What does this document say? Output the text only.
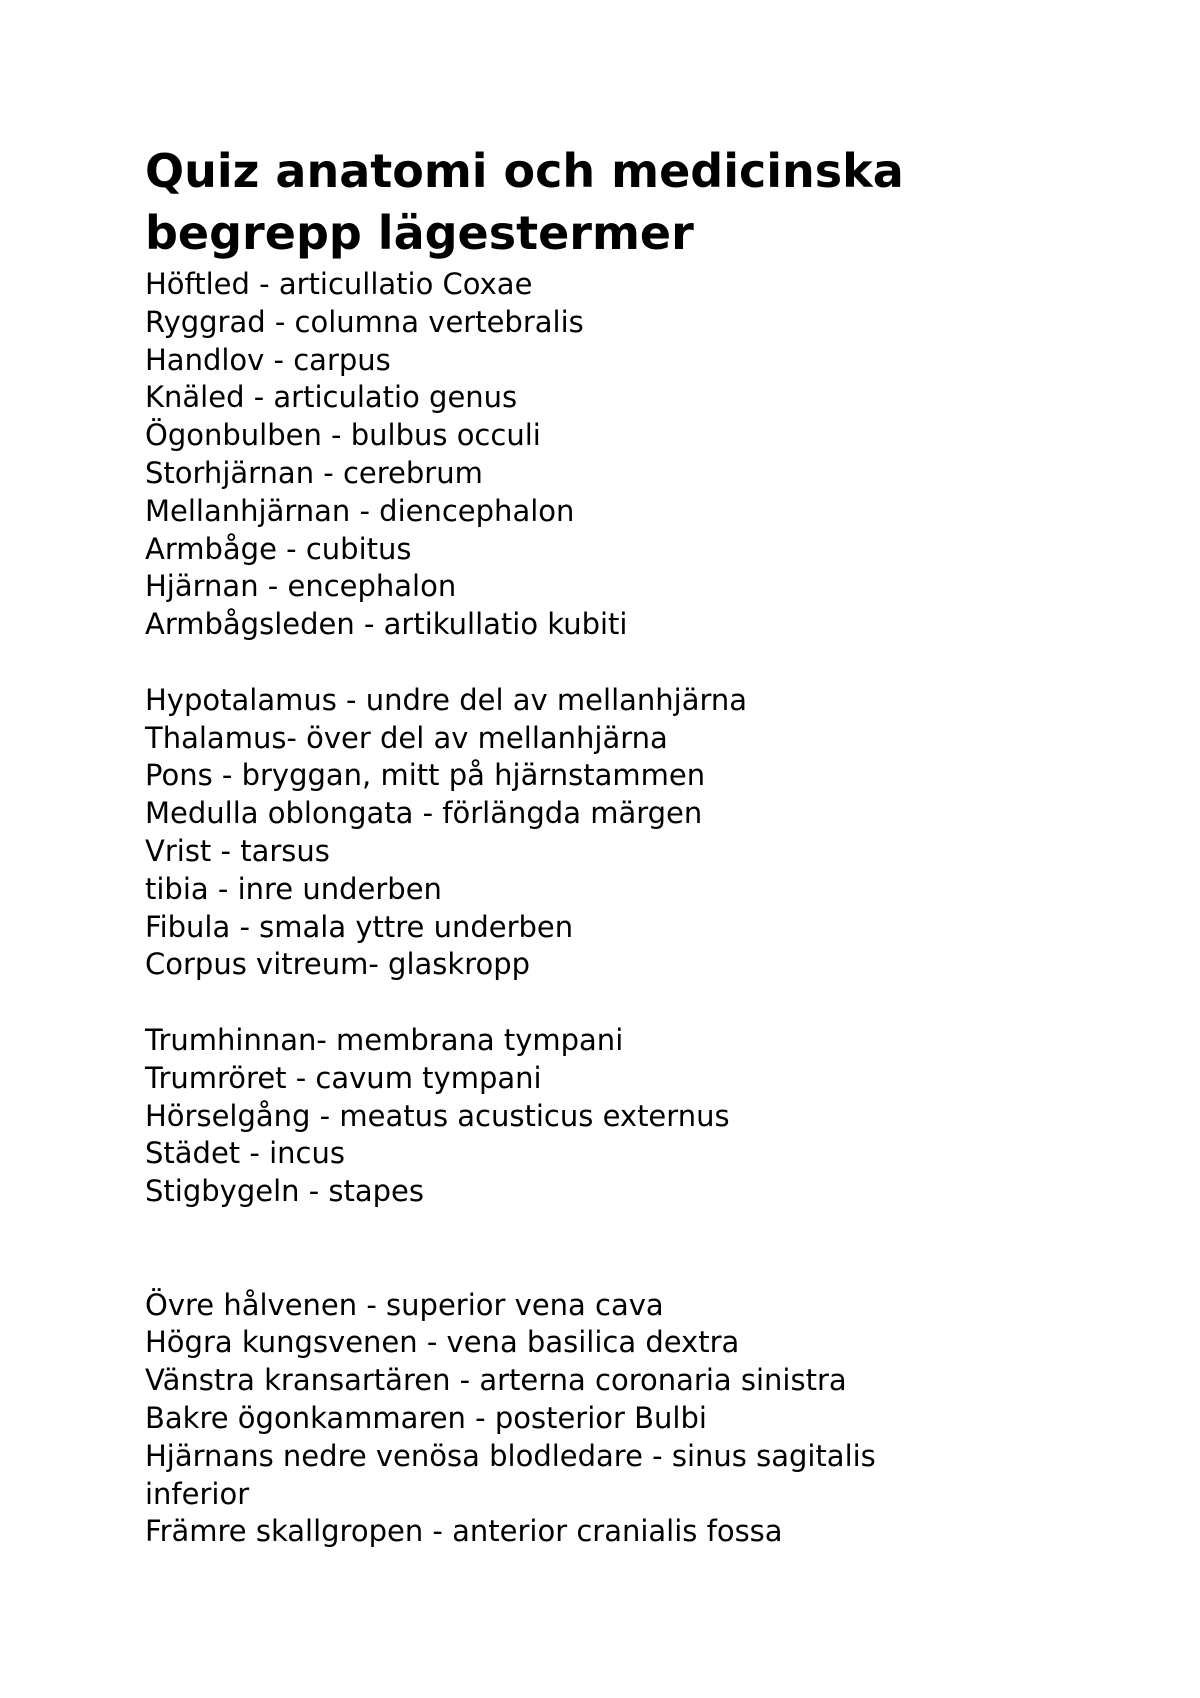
Quiz anatomi och medicinska
begrepp lägestermer
Höftled - articullatio Coxae
Ryggrad - columna vertebralis
Handlov - carpus
Knäled - articulatio genus
Ögonbulben - bulbus occuli
Storhjärnan - cerebrum
Mellanhjärnan - diencephalon
Armbåge - cubitus
Hjärnan - encephalon
Armbågsleden - artikullatio kubiti
Hypotalamus - undre del av mellanhjärna
Thalamus- över del av mellanhjärna
Pons - bryggan, mitt på hjärnstammen
Medulla oblongata - förlängda märgen
Vrist - tarsus
tibia - inre underben
Fibula - smala yttre underben
Corpus vitreum- glaskropp
Trumhinnan- membrana tympani
Trumröret - cavum tympani
Hörselgång - meatus acusticus externus
Städet - incus
Stigbygeln - stapes
Övre hålvenen - superior vena cava
Högra kungsvenen - vena basilica dextra
Vänstra kransartären - arterna coronaria sinistra
Bakre ögonkammaren - posterior Bulbi
Hjärnans nedre venösa blodledare - sinus sagitalis inferior
Främre skallgropen - anterior cranialis fossa
